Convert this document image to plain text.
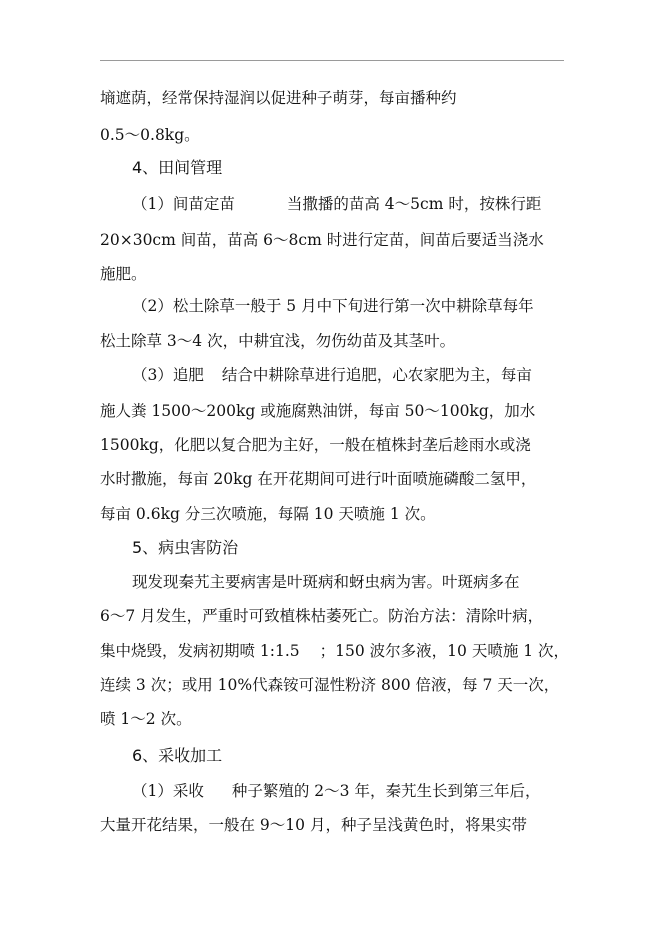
墒遮荫，经常保持湿润以促进种子萌芽，每亩播种约
0.5～0.8kg。
4、田间管理
（1）间苗定苗	当撒播的苗高 4～5cm 时，按株行距
20×30cm 间苗，苗高 6～8cm 时进行定苗，间苗后要适当浇水
施肥。
（2）松土除草一般于 5 月中下旬进行第一次中耕除草每年
松土除草 3～4 次，中耕宜浅，勿伤幼苗及其茎叶。
（3）追肥 结合中耕除草进行追肥，心农家肥为主，每亩
施人粪 1500～200kg 或施腐熟油饼，每亩 50～100kg，加水
1500kg，化肥以复合肥为主好，一般在植株封垄后趁雨水或浇
水时撒施，每亩 20kg 在开花期间可进行叶面喷施磷酸二氢甲，
每亩 0.6kg 分三次喷施，每隔 10 天喷施 1 次。
5、病虫害防治
现发现秦艽主要病害是叶斑病和蚜虫病为害。叶斑病多在
6～7 月发生，严重时可致植株枯萎死亡。防治方法：清除叶病，
集中烧毁，发病初期喷 1:1.5 ；150 波尔多液，10 天喷施 1 次，
连续 3 次；或用 10%代森铵可湿性粉济 800 倍液，每 7 天一次，
喷 1～2 次。
6、采收加工
（1）采收 种子繁殖的 2～3 年，秦艽生长到第三年后，
大量开花结果，一般在 9～10 月，种子呈浅黄色时，将果实带
